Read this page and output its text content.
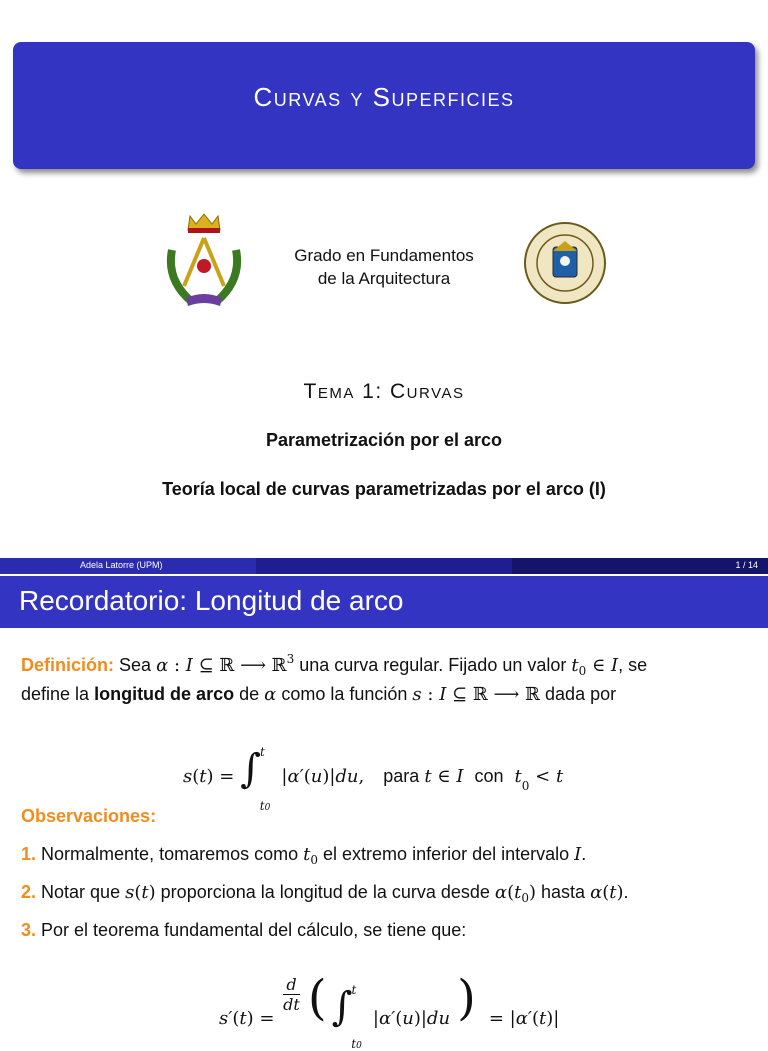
Curvas y Superficies
Grado en Fundamentos
de la Arquitectura
Tema 1: Curvas
Parametrización por el arco
Teoría local de curvas parametrizadas por el arco (I)
Adela Latorre (UPM)	1 / 14
Recordatorio: Longitud de arco
Definición: Sea α : I ⊆ ℝ ⟶ ℝ$^3$ una curva regular. Fijado un valor $t_0$ ∈ I, se
define la longitud de arco de α como la función s : I ⊆ ℝ ⟶ ℝ dada por
s(t) = ∫ $^t$ $_{t0}$ |α′(u)|du, para t ∈ I con $t_0 < t$
Observaciones:
1. Normalmente, tomaremos como $t_0$ el extremo inferior del intervalo I.
2. Notar que s(t) proporciona la longitud de la curva desde $\alpha(t_0)$ hasta α(t).
3. Por el teorema fundamental del cálculo, se tiene que:
s′(t) =
$\frac{d}{dt}$ ( ∫ $^t$ $_{t0}$ |α′(u)|du ) = |α′(t)|
